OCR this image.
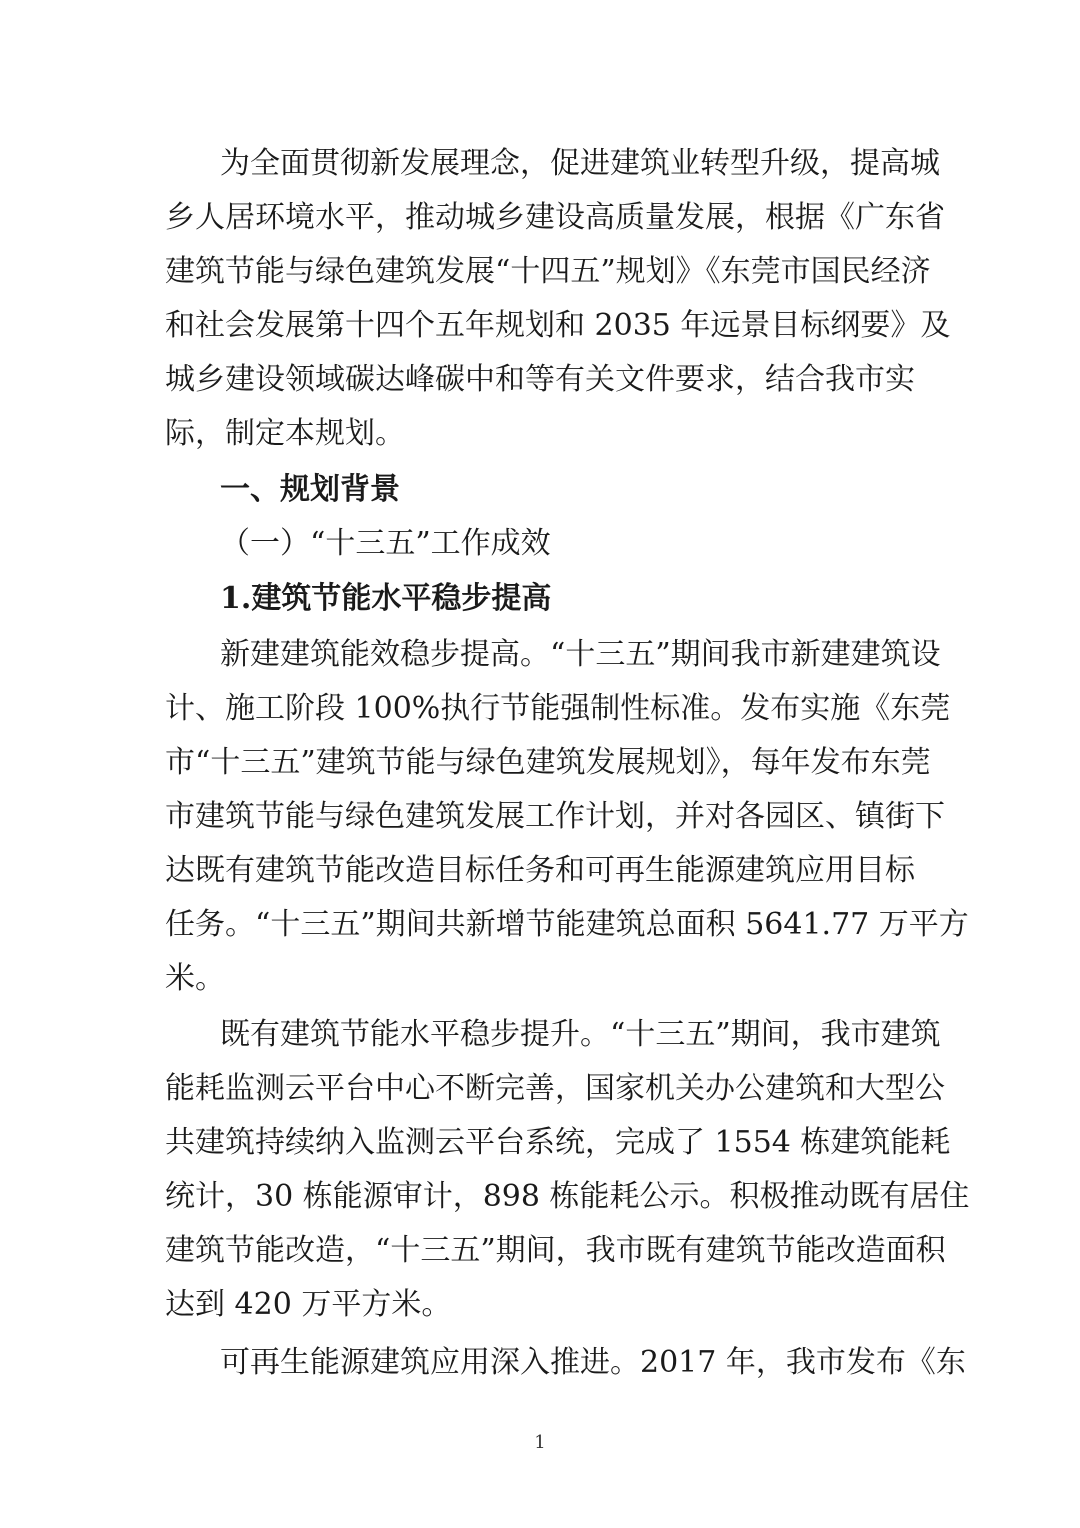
为全面贯彻新发展理念，促进建筑业转型升级，提高城
乡人居环境水平，推动城乡建设高质量发展，根据《广东省
建筑节能与绿色建筑发展“十四五”规划》《东莞市国民经济
和社会发展第十四个五年规划和 2035 年远景目标纲要》及
城乡建设领域碳达峰碳中和等有关文件要求，结合我市实
际，制定本规划。
一、规划背景
（一）“十三五”工作成效
1.建筑节能水平稳步提高
新建建筑能效稳步提高。“十三五”期间我市新建建筑设
计、施工阶段 100%执行节能强制性标准。发布实施《东莞
市“十三五”建筑节能与绿色建筑发展规划》，每年发布东莞
市建筑节能与绿色建筑发展工作计划，并对各园区、镇街下
达既有建筑节能改造目标任务和可再生能源建筑应用目标
任务。“十三五”期间共新增节能建筑总面积 5641.77 万平方
米。
既有建筑节能水平稳步提升。“十三五”期间，我市建筑
能耗监测云平台中心不断完善，国家机关办公建筑和大型公
共建筑持续纳入监测云平台系统，完成了 1554 栋建筑能耗
统计，30 栋能源审计，898 栋能耗公示。积极推动既有居住
建筑节能改造，“十三五”期间，我市既有建筑节能改造面积
达到 420 万平方米。
可再生能源建筑应用深入推进。2017 年，我市发布《东
1
